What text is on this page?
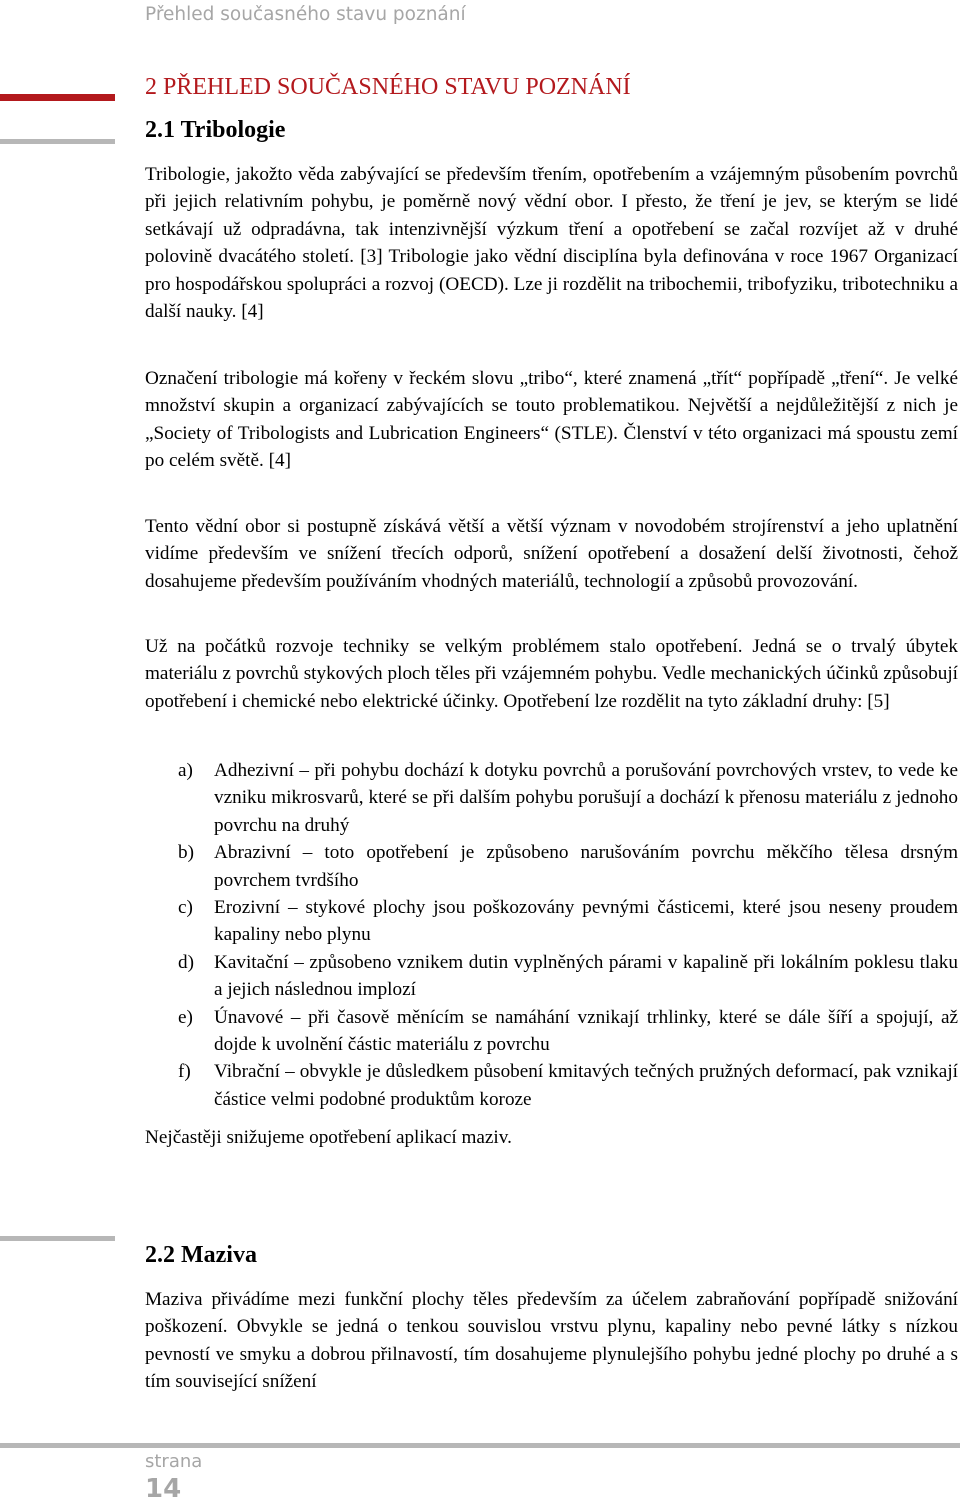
Přehled současného stavu poznání
2 PŘEHLED SOUČASNÉHO STAVU POZNÁNÍ
2.1 Tribologie

Tribologie, jakožto věda zabývající se především třením, opotřebením a vzájemným působením povrchů při jejich relativním pohybu, je poměrně nový vědní obor. I přesto, že tření je jev, se kterým se lidé setkávají už odpradávna, tak intenzivnější výzkum tření a opotřebení se začal rozvíjet až v druhé polovině dvacátého století. [3] Tribologie jako vědní disciplína byla definována v roce 1967 Organizací pro hospodářskou spolupráci a rozvoj (OECD). Lze ji rozdělit na tribochemii, tribofyziku, tribotechniku a další nauky. [4]

Označení tribologie má kořeny v řeckém slovu „tribo“, které znamená „třít“ popřípadě „tření“. Je velké množství skupin a organizací zabývajících se touto problematikou. Největší a nejdůležitější z nich je „Society of Tribologists and Lubrication Engineers“ (STLE). Členství v této organizaci má spoustu zemí po celém světě. [4]

Tento vědní obor si postupně získává větší a větší význam v novodobém strojírenství a jeho uplatnění vidíme především ve snížení třecích odporů, snížení opotřebení a dosažení delší životnosti, čehož dosahujeme především používáním vhodných materiálů, technologií a způsobů provozování.

Už na počátků rozvoje techniky se velkým problémem stalo opotřebení. Jedná se o trvalý úbytek materiálu z povrchů stykových ploch těles při vzájemném pohybu. Vedle mechanických účinků způsobují opotřebení i chemické nebo elektrické účinky. Opotřebení lze rozdělit na tyto základní druhy: [5]

a)	Adhezivní – při pohybu dochází k dotyku povrchů a porušování povrchových vrstev, to vede ke vzniku mikrosvarů, které se při dalším pohybu porušují a dochází k přenosu materiálu z jednoho povrchu na druhý
b)	Abrazivní – toto opotřebení je způsobeno narušováním povrchu měkčího tělesa drsným povrchem tvrdšího
c)	Erozivní – stykové plochy jsou poškozovány pevnými částicemi, které jsou neseny proudem kapaliny nebo plynu
d)	Kavitační – způsobeno vznikem dutin vyplněných párami v kapalině při lokálním poklesu tlaku a jejich následnou implozí
e)	Únavové – při časově měnícím se namáhání vznikají trhlinky, které se dále šíří a spojují, až dojde k uvolnění částic materiálu z povrchu
f)	Vibrační – obvykle je důsledkem působení kmitavých tečných pružných deformací, pak vznikají částice velmi podobné produktům koroze

Nejčastěji snižujeme opotřebení aplikací maziv.

2.2 Maziva

Maziva přivádíme mezi funkční plochy těles především za účelem zabraňování popřípadě snižování poškození. Obvykle se jedná o tenkou souvislou vrstvu plynu, kapaliny nebo pevné látky s nízkou pevností ve smyku a dobrou přilnavostí, tím dosahujeme plynulejšího pohybu jedné plochy po druhé a s tím související snížení

strana
14
